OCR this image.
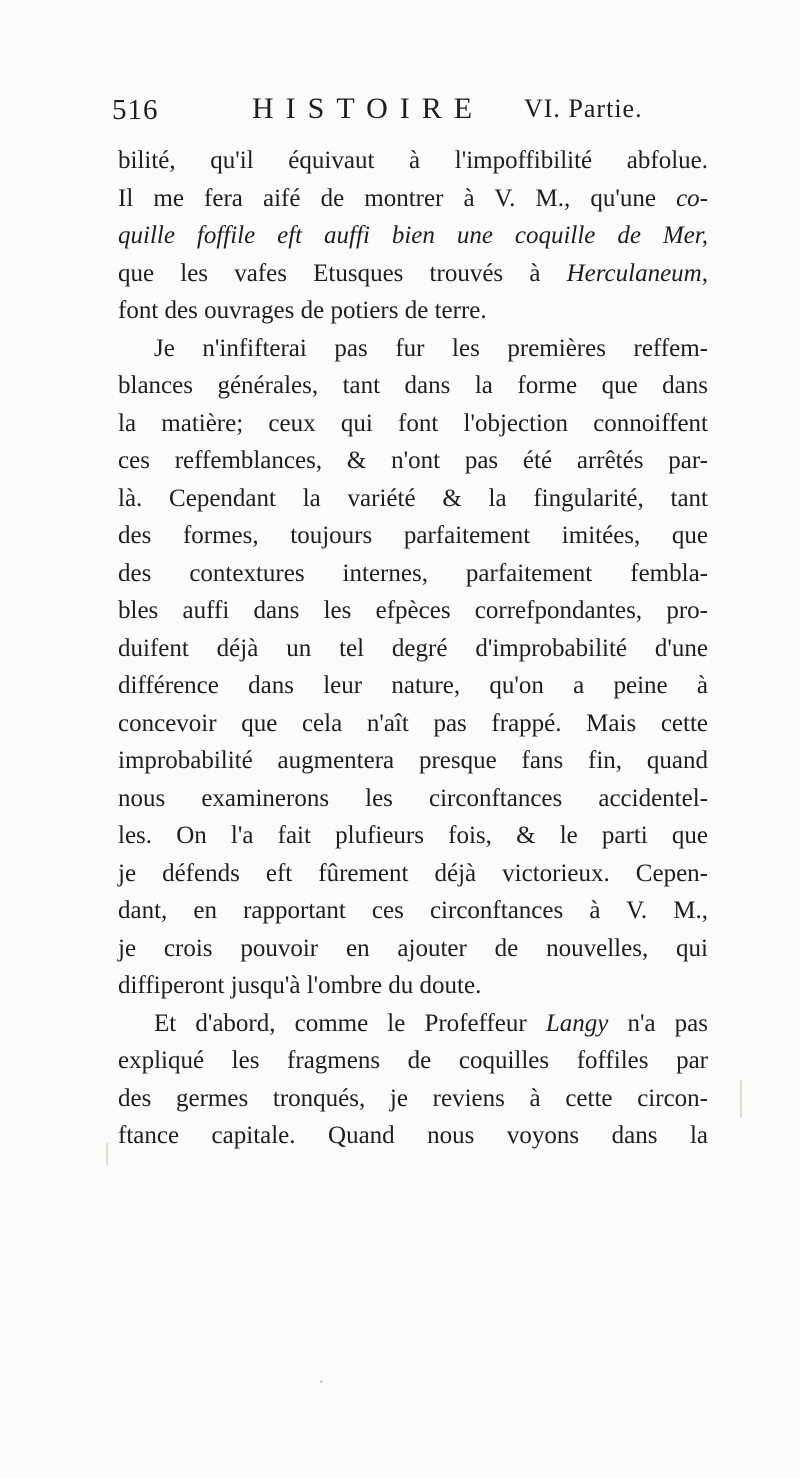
516	HISTOIRE VI. Partie.
bilité, qu'il équivaut à l'impoffibilité abfolue.
Il me fera aifé de montrer à V. M., qu'une co-
quille foffile eft auffi bien une coquille de Mer,
que les vafes Etusques trouvés à Herculaneum,
font des ouvrages de potiers de terre.
Je n'infifterai pas fur les premières reffem-
blances générales, tant dans la forme que dans
la matière; ceux qui font l'objection connoiffent
ces reffemblances, & n'ont pas été arrêtés par-
là. Cependant la variété & la fingularité, tant
des formes, toujours parfaitement imitées, que
des contextures internes, parfaitement fembla-
bles auffi dans les efpèces correfpondantes, pro-
duifent déjà un tel degré d'improbabilité d'une
différence dans leur nature, qu'on a peine à
concevoir que cela n'aît pas frappé. Mais cette
improbabilité augmentera presque fans fin, quand
nous examinerons les circonftances accidentel-
les. On l'a fait plufieurs fois, & le parti que
je défends eft fûrement déjà victorieux. Cepen-
dant, en rapportant ces circonftances à V. M.,
je crois pouvoir en ajouter de nouvelles, qui
diffiperont jusqu'à l'ombre du doute.
Et d'abord, comme le Profeffeur Langy n'a pas
expliqué les fragmens de coquilles foffiles par
des germes tronqués, je reviens à cette circon-
ftance capitale. Quand nous voyons dans la
